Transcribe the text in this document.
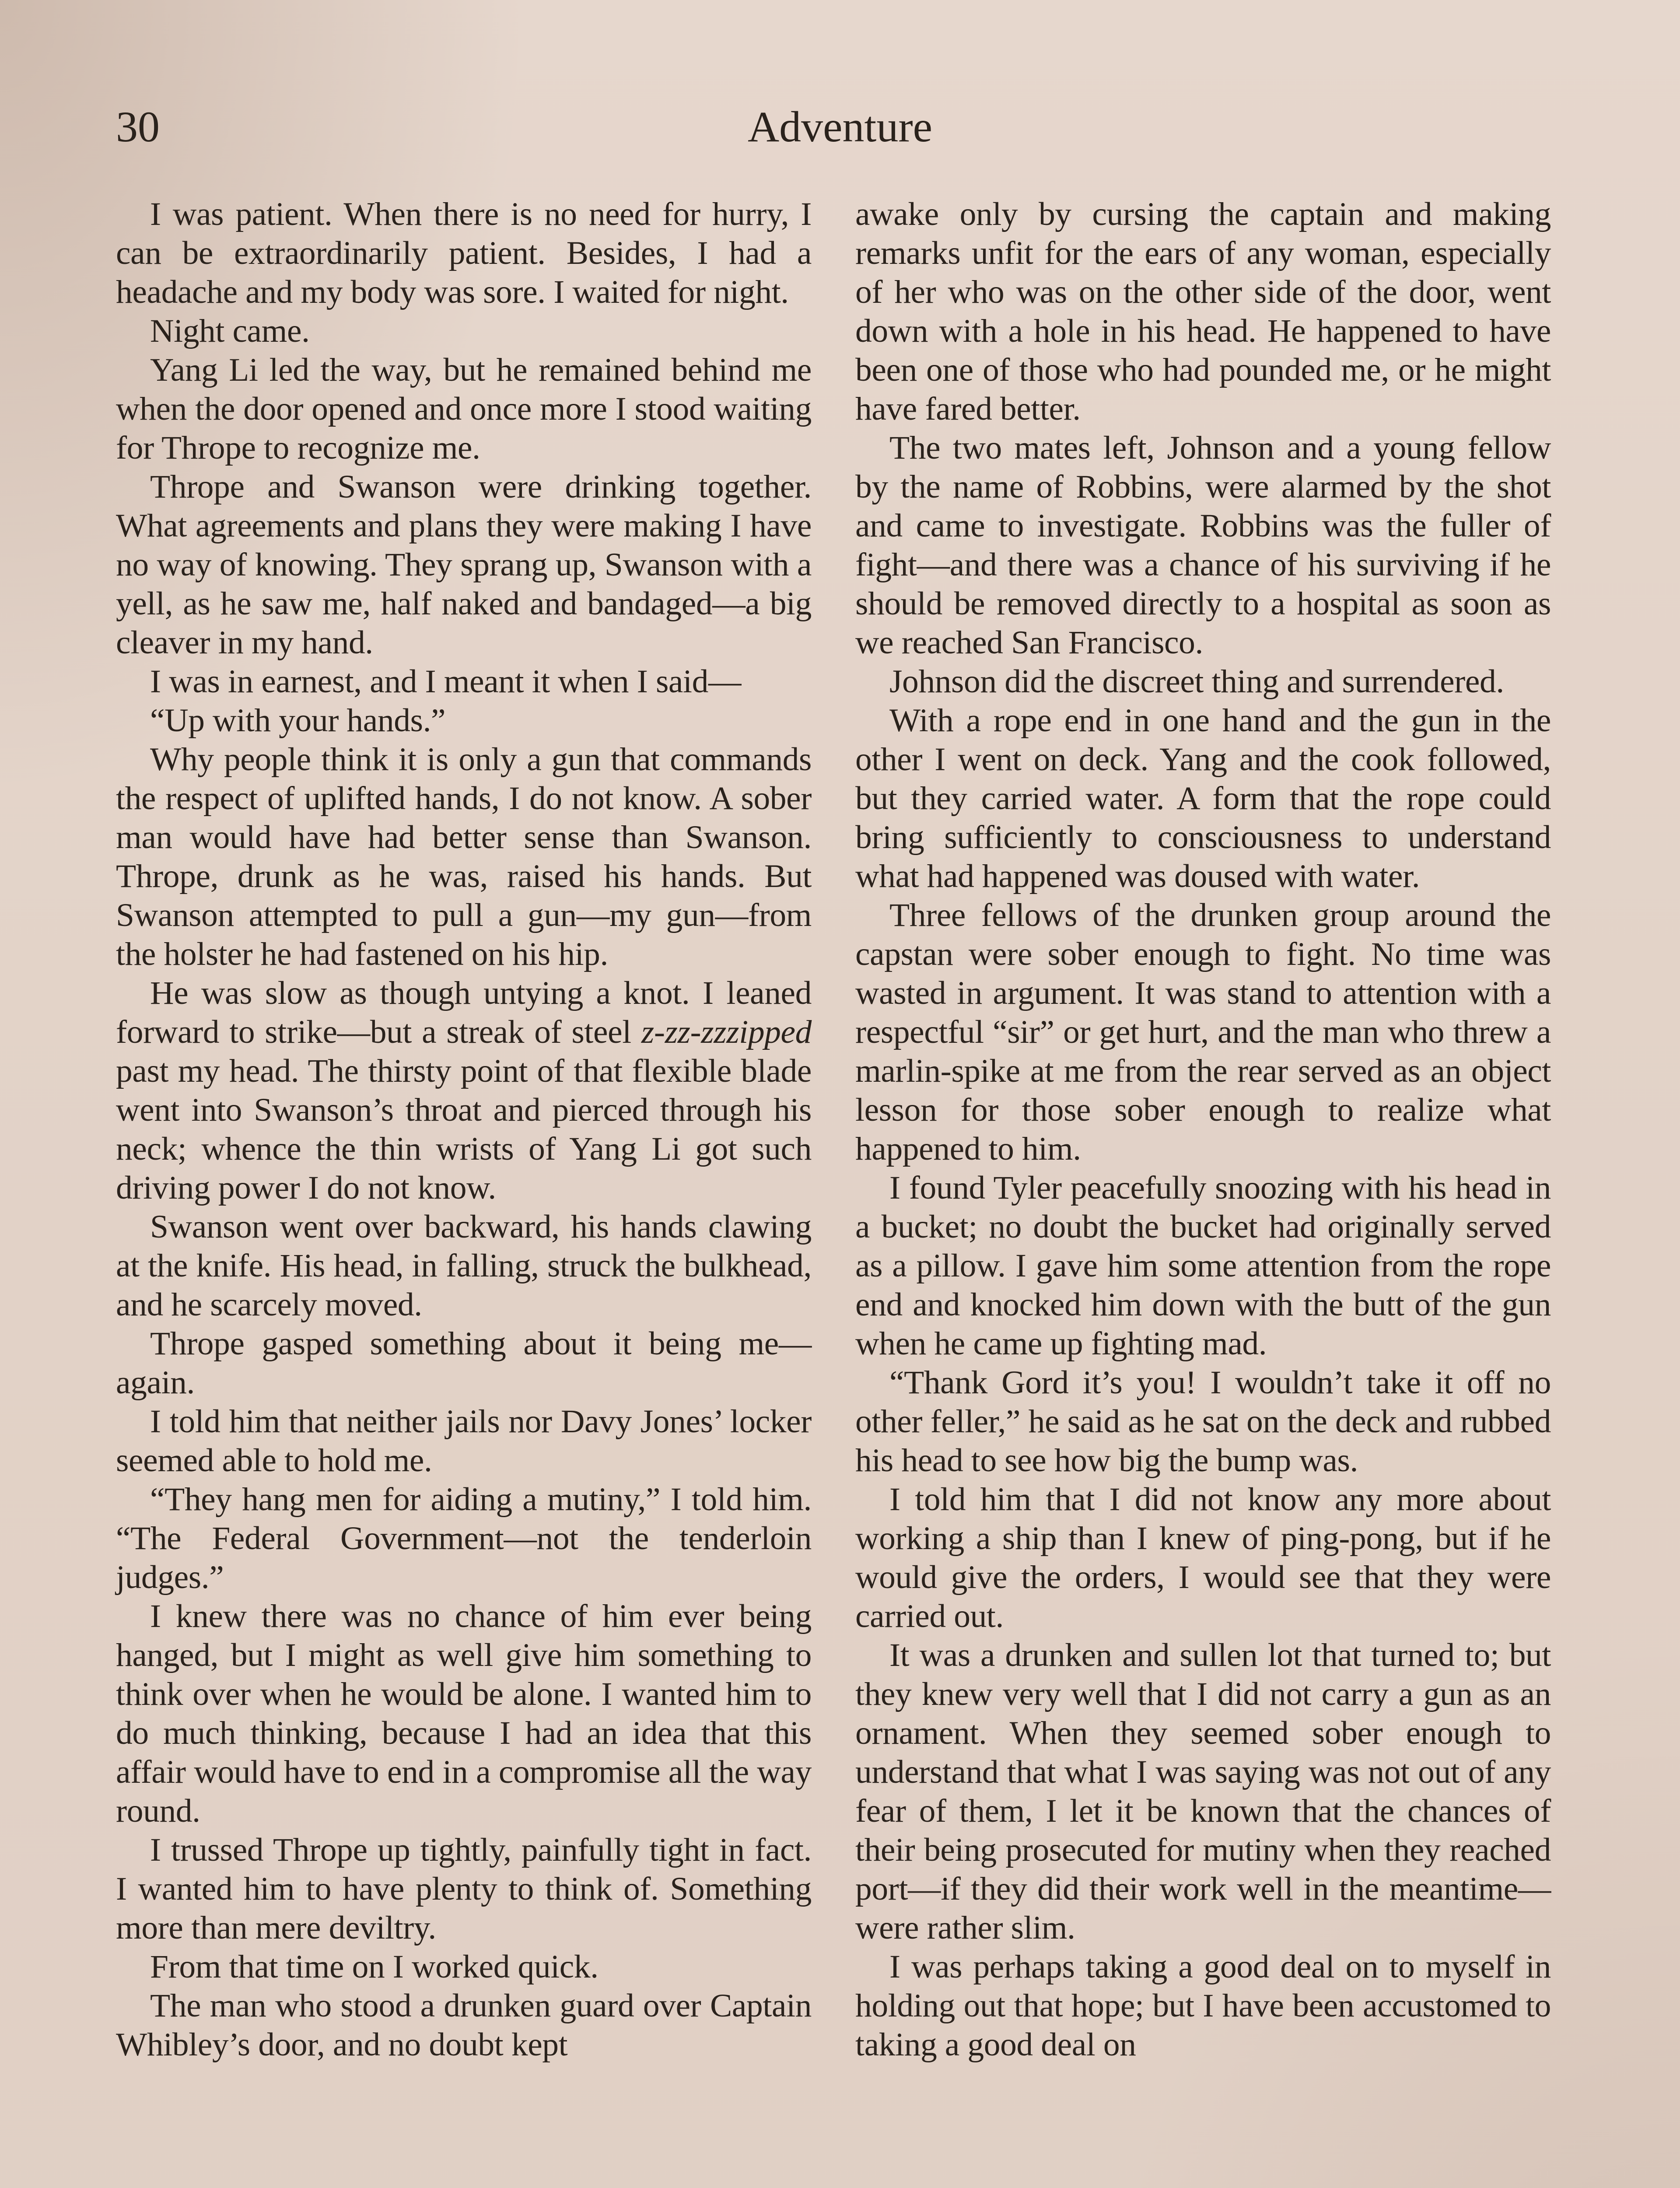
30	Adventure

I was patient. When there is no need for hurry, I can be extraordinarily patient. Besides, I had a headache and my body was sore. I waited for night.

Night came.

Yang Li led the way, but he remained behind me when the door opened and once more I stood waiting for Thrope to recognize me.

Thrope and Swanson were drinking together. What agreements and plans they were making I have no way of knowing. They sprang up, Swanson with a yell, as he saw me, half naked and bandaged—a big cleaver in my hand.

I was in earnest, and I meant it when I said—

“Up with your hands.”

Why people think it is only a gun that commands the respect of uplifted hands, I do not know. A sober man would have had better sense than Swanson. Thrope, drunk as he was, raised his hands. But Swanson attempted to pull a gun—my gun—from the holster he had fastened on his hip.

He was slow as though untying a knot. I leaned forward to strike—but a streak of steel z-zz-zzzipped past my head. The thirsty point of that flexible blade went into Swanson’s throat and pierced through his neck; whence the thin wrists of Yang Li got such driving power I do not know.

Swanson went over backward, his hands clawing at the knife. His head, in falling, struck the bulkhead, and he scarcely moved.

Thrope gasped something about it being me—again.

I told him that neither jails nor Davy Jones’ locker seemed able to hold me.

“They hang men for aiding a mutiny,” I told him. “The Federal Government—not the tenderloin judges.”

I knew there was no chance of him ever being hanged, but I might as well give him something to think over when he would be alone. I wanted him to do much thinking, because I had an idea that this affair would have to end in a compromise all the way round.

I trussed Thrope up tightly, painfully tight in fact. I wanted him to have plenty to think of. Something more than mere deviltry.

From that time on I worked quick.

The man who stood a drunken guard over Captain Whibley’s door, and no doubt kept

awake only by cursing the captain and making remarks unfit for the ears of any woman, especially of her who was on the other side of the door, went down with a hole in his head. He happened to have been one of those who had pounded me, or he might have fared better.

The two mates left, Johnson and a young fellow by the name of Robbins, were alarmed by the shot and came to investigate. Robbins was the fuller of fight—and there was a chance of his surviving if he should be removed directly to a hospital as soon as we reached San Francisco.

Johnson did the discreet thing and surrendered.

With a rope end in one hand and the gun in the other I went on deck. Yang and the cook followed, but they carried water. A form that the rope could bring sufficiently to consciousness to understand what had happened was doused with water.

Three fellows of the drunken group around the capstan were sober enough to fight. No time was wasted in argument. It was stand to attention with a respectful “sir” or get hurt, and the man who threw a marlin-spike at me from the rear served as an object lesson for those sober enough to realize what happened to him.

I found Tyler peacefully snoozing with his head in a bucket; no doubt the bucket had originally served as a pillow. I gave him some attention from the rope end and knocked him down with the butt of the gun when he came up fighting mad.

“Thank Gord it’s you! I wouldn’t take it off no other feller,” he said as he sat on the deck and rubbed his head to see how big the bump was.

I told him that I did not know any more about working a ship than I knew of ping-pong, but if he would give the orders, I would see that they were carried out.

It was a drunken and sullen lot that turned to; but they knew very well that I did not carry a gun as an ornament. When they seemed sober enough to understand that what I was saying was not out of any fear of them, I let it be known that the chances of their being prosecuted for mutiny when they reached port—if they did their work well in the meantime—were rather slim.

I was perhaps taking a good deal on to myself in holding out that hope; but I have been accustomed to taking a good deal on
